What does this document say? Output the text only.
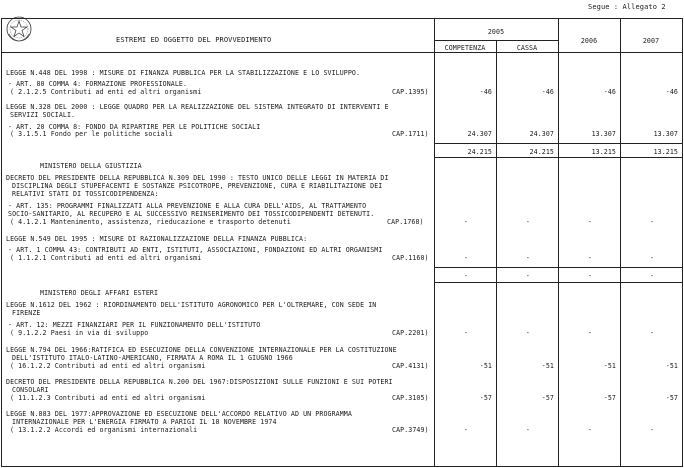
Segue : Allegato 2
ESTREMI ED OGGETTO DEL PROVVEDIMENTO
2005
COMPETENZA	CASSA
2006	2007
LEGGE N.448 DEL 1998 : MISURE DI FINANZA PUBBLICA PER LA STABILIZZAZIONE E LO SVILUPPO.
- ART. 80 COMMA 4: FORMAZIONE PROFESSIONALE.
( 2.1.2.5 Contributi ad enti ed altri organismi	CAP.1395)	-46	-46	-46	-46
LEGGE N.328 DEL 2000 : LEGGE QUADRO PER LA REALIZZAZIONE DEL SISTEMA INTEGRATO DI INTERVENTI E
SERVIZI SOCIALI.
- ART. 20 COMMA 8: FONDO DA RIPARTIRE PER LE POLITICHE SOCIALI
( 3.1.5.1 Fondo per le politiche sociali	CAP.1711)	24.307	24.307	13.307	13.307
24.215	24.215	13.215	13.215
MINISTERO DELLA GIUSTIZIA
DECRETO DEL PRESIDENTE DELLA REPUBBLICA N.309 DEL 1990 : TESTO UNICO DELLE LEGGI IN MATERIA DI
DISCIPLINA DEGLI STUPEFACENTI E SOSTANZE PSICOTROPE, PREVENZIONE, CURA E RIABILITAZIONE DEI
RELATIVI STATI DI TOSSICODIPENDENZA:
- ART. 135: PROGRAMMI FINALIZZATI ALLA PREVENZIONE E ALLA CURA DELL'AIDS, AL TRATTAMENTO
SOCIO-SANITARIO, AL RECUPERO E AL SUCCESSIVO REINSERIMENTO DEI TOSSICODIPENDENTI DETENUTI.
( 4.1.2.1 Mantenimento, assistenza, rieducazione e trasporto detenuti	CAP.1768)	-	-	-	-
LEGGE N.549 DEL 1995 : MISURE DI RAZIONALIZZAZIONE DELLA FINANZA PUBBLICA:
- ART. 1 COMMA 43: CONTRIBUTI AD ENTI, ISTITUTI, ASSOCIAZIONI, FONDAZIONI ED ALTRI ORGANISMI
( 1.1.2.1 Contributi ad enti ed altri organismi	CAP.1160)	-	-	-	-
-	-	-	-
MINISTERO DEGLI AFFARI ESTERI
LEGGE N.1612 DEL 1962 : RIORDINAMENTO DELL'ISTITUTO AGRONOMICO PER L'OLTREMARE, CON SEDE IN
FIRENZE
- ART. 12: MEZZI FINANZIARI PER IL FUNZIONAMENTO DELL'ISTITUTO
( 9.1.2.2 Paesi in via di sviluppo	CAP.2201)	-	-	-	-
LEGGE N.794 DEL 1966:RATIFICA ED ESECUZIONE DELLA CONVENZIONE INTERNAZIONALE PER LA COSTITUZIONE
DELL'ISTITUTO ITALO-LATINO-AMERICANO, FIRMATA A ROMA IL 1 GIUGNO 1966
( 16.1.2.2 Contributi ad enti ed altri organismi	CAP.4131)	-51	-51	-51	-51
DECRETO DEL PRESIDENTE DELLA REPUBBLICA N.200 DEL 1967:DISPOSIZIONI SULLE FUNZIONI E SUI POTERI
CONSOLARI
( 11.1.2.3 Contributi ad enti ed altri organismi	CAP.3105)	-57	-57	-57	-57
LEGGE N.883 DEL 1977:APPROVAZIONE ED ESECUZIONE DELL'ACCORDO RELATIVO AD UN PROGRAMMA
INTERNAZIONALE PER L'ENERGIA FIRMATO A PARIGI IL 18 NOVEMBRE 1974
( 13.1.2.2 Accordi ed organismi internazionali	CAP.3749)	-	-	-	-
